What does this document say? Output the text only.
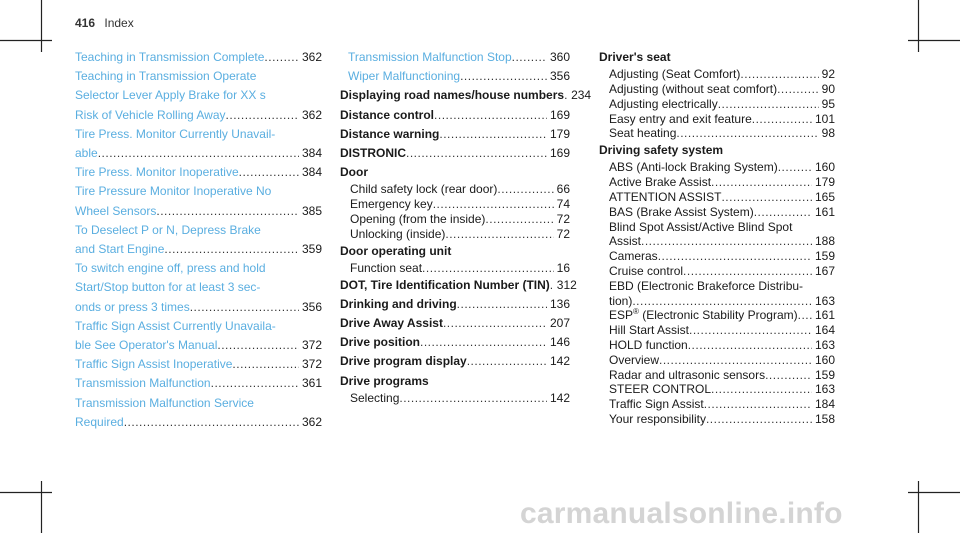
416 Index
Teaching in Transmission Complete .....	362
Teaching in Transmission Operate
Selector Lever Apply Brake for XX s
Risk of Vehicle Rolling Away .....	362
Tire Press. Monitor Currently Unavail-
able .....	384
Tire Press. Monitor Inoperative .....	384
Tire Pressure Monitor Inoperative No
Wheel Sensors .....	385
To Deselect P or N, Depress Brake
and Start Engine .....	359
To switch engine off, press and hold
Start/Stop button for at least 3 sec-
onds or press 3 times .....	356
Traffic Sign Assist Currently Unavaila-
ble See Operator's Manual .....	372
Traffic Sign Assist Inoperative .....	372
Transmission Malfunction .....	361
Transmission Malfunction Service
Required .....	362
Transmission Malfunction Stop .....	360
Wiper Malfunctioning .....	356
Displaying road names/house numbers ..... 234
Distance control .....	169
Distance warning .....	179
DISTRONIC .....	169
Door
Child safety lock (rear door) .....	66
Emergency key .....	74
Opening (from the inside) .....	72
Unlocking (inside) .....	72
Door operating unit
Function seat .....	16
DOT, Tire Identification Number (TIN) ..... 312
Drinking and driving .....	136
Drive Away Assist .....	207
Drive position .....	146
Drive program display .....	142
Drive programs
Selecting .....	142
Driver's seat
Adjusting (Seat Comfort) .....	92
Adjusting (without seat comfort) .....	90
Adjusting electrically .....	95
Easy entry and exit feature .....	101
Seat heating .....	98
Driving safety system
ABS (Anti-lock Braking System) .....	160
Active Brake Assist .....	179
ATTENTION ASSIST .....	165
BAS (Brake Assist System) .....	161
Blind Spot Assist/Active Blind Spot
Assist .....	188
Cameras .....	159
Cruise control .....	167
EBD (Electronic Brakeforce Distribu-
tion) .....	163
ESP® (Electronic Stability Program) ..... 161
Hill Start Assist .....	164
HOLD function .....	163
Overview .....	160
Radar and ultrasonic sensors .....	159
STEER CONTROL .....	163
Traffic Sign Assist .....	184
Your responsibility .....	158
carmanualsonline.info
